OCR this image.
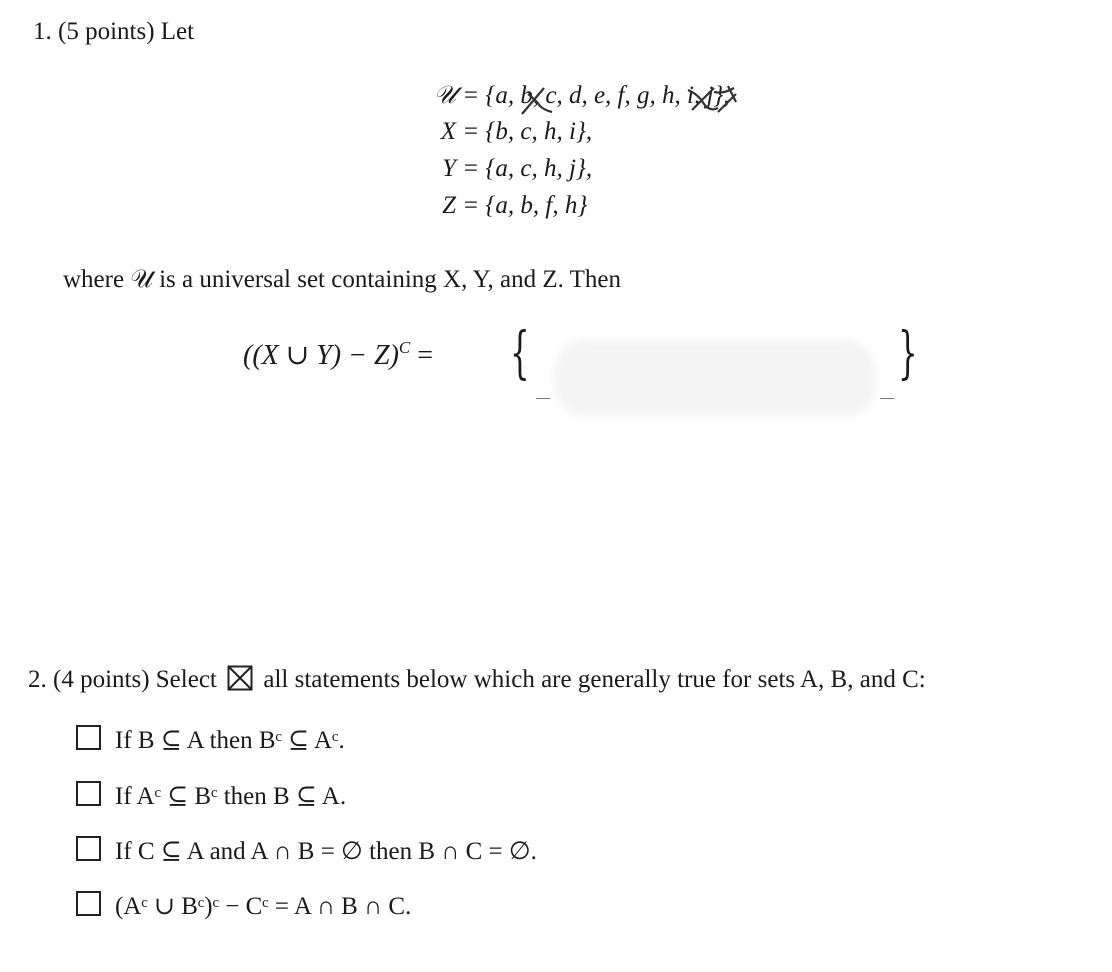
1. (5 points) Let
𝒰 = {a, b, c, d, e, f, g, h, i, j},
X = {b, c, h, i},
Y = {a, c, h, j},
Z = {a, b, f, h}
where 𝒰 is a universal set containing X, Y, and Z. Then
((X ∪ Y) − Z)$^C$ = {	}
2. (4 points) Select ☒ all statements below which are generally true for sets A, B, and C:
If B ⊆ A then Bᶜ ⊆ Aᶜ.
If Aᶜ ⊆ Bᶜ then B ⊆ A.
If C ⊆ A and A ∩ B = ∅ then B ∩ C = ∅.
(Aᶜ ∪ Bᶜ)ᶜ − Cᶜ = A ∩ B ∩ C.
